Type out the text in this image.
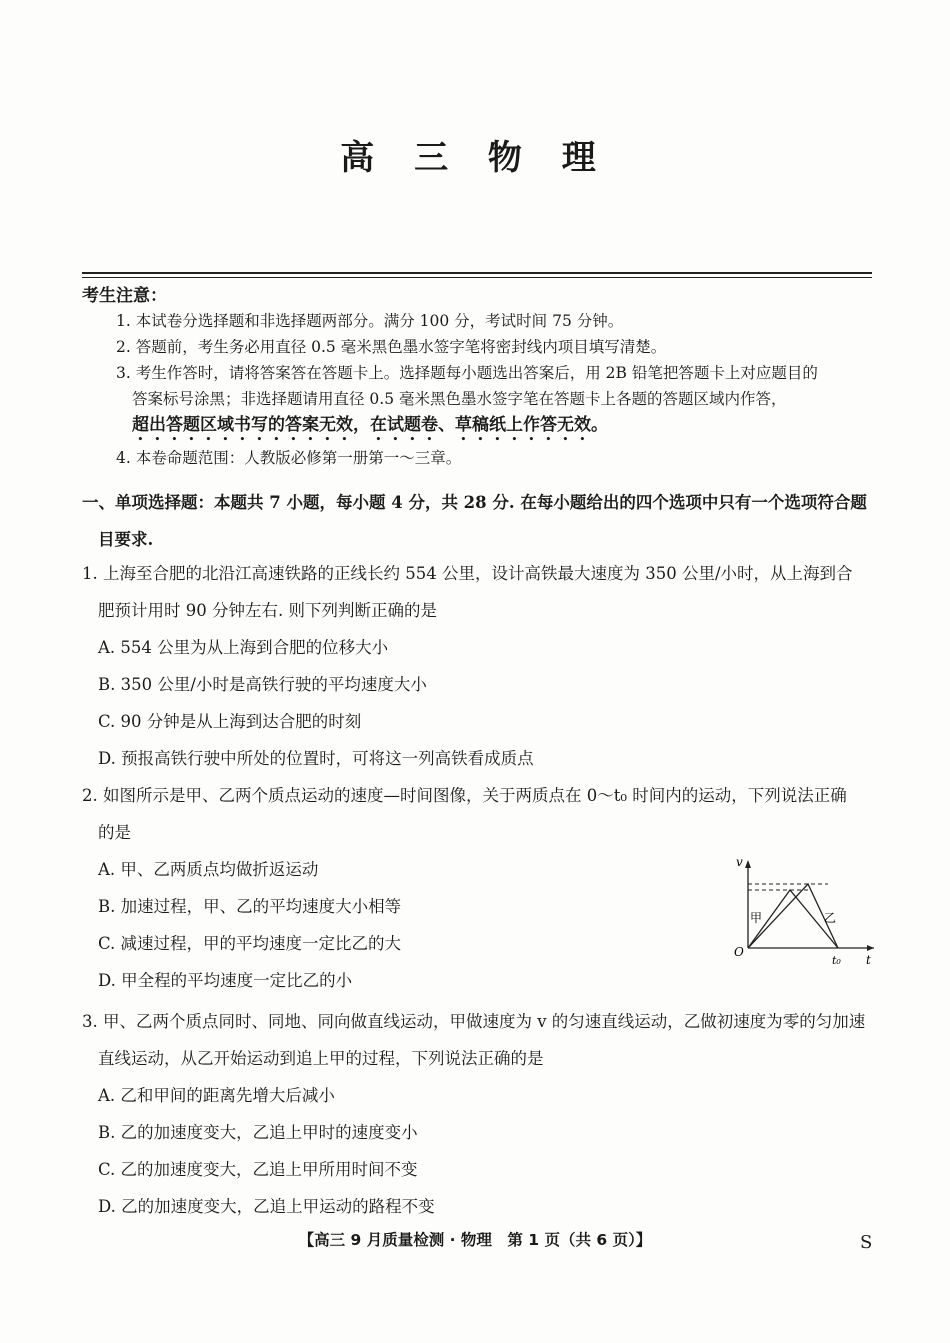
高 三 物 理
考生注意：

1. 本试卷分选择题和非选择题两部分。满分 100 分，考试时间 75 分钟。

2. 答题前，考生务必用直径 0.5 毫米黑色墨水签字笔将密封线内项目填写清楚。

3. 考生作答时，请将答案答在答题卡上。选择题每小题选出答案后，用 2B 铅笔把答题卡上对应题目的

答案标号涂黑；非选择题请用直径 0.5 毫米黑色墨水签字笔在答题卡上各题的答题区域内作答，

超出答题区域书写的答案无效，在试题卷、草稿纸上作答无效。

4. 本卷命题范围：人教版必修第一册第一～三章。

一、单项选择题：本题共 7 小题，每小题 4 分，共 28 分. 在每小题给出的四个选项中只有一个选项符合题
目要求.
1. 上海至合肥的北沿江高速铁路的正线长约 554 公里，设计高铁最大速度为 350 公里/小时，从上海到合
肥预计用时 90 分钟左右. 则下列判断正确的是
A. 554 公里为从上海到合肥的位移大小
B. 350 公里/小时是高铁行驶的平均速度大小
C. 90 分钟是从上海到达合肥的时刻
D. 预报高铁行驶中所处的位置时，可将这一列高铁看成质点
2. 如图所示是甲、乙两个质点运动的速度—时间图像，关于两质点在 0～t₀ 时间内的运动，下列说法正确
的是
A. 甲、乙两质点均做折返运动
B. 加速过程，甲、乙的平均速度大小相等
C. 减速过程，甲的平均速度一定比乙的大
D. 甲全程的平均速度一定比乙的小
v
O
t
t₀
甲	乙
3. 甲、乙两个质点同时、同地、同向做直线运动，甲做速度为 v 的匀速直线运动，乙做初速度为零的匀加速
直线运动，从乙开始运动到追上甲的过程，下列说法正确的是
A. 乙和甲间的距离先增大后减小
B. 乙的加速度变大，乙追上甲时的速度变小
C. 乙的加速度变大，乙追上甲所用时间不变
D. 乙的加速度变大，乙追上甲运动的路程不变
【高三 9 月质量检测 · 物理　第 1 页（共 6 页）】	S
